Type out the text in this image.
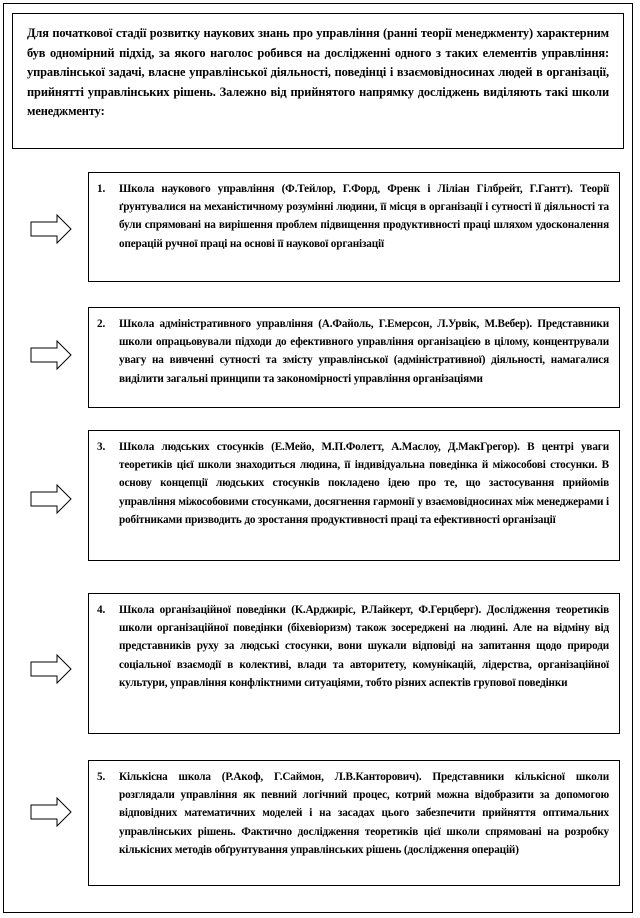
Для початкової стадії розвитку наукових знань про управління (ранні теорії менеджменту) характерним був одномірний підхід, за якого наголос робився на дослідженні одного з таких елементів управління: управлінської задачі, власне управлінської діяльності, поведінці і взаємовідносинах людей в організації, прийнятті управлінських рішень. Залежно від прийнятого напрямку досліджень виділяють такі школи менеджменту:
1.	Школа наукового управління (Ф.Тейлор, Г.Форд, Френк і Лілiан Гілбрейт, Г.Гантт). Теорії ґрунтувалися на механістичному розумінні людини, її місця в організації і сутності її діяльності та були спрямовані на вирішення проблем підвищення продуктивності праці шляхом удосконалення операцій ручної праці на основі її наукової організації
2.	Школа адміністративного управління (А.Файоль, Г.Емерсон, Л.Урвік, М.Вебер). Представники школи опрацьовували підходи до ефективного управління організацією в цілому, концентрували увагу на вивченні сутності та змісту управлінської (адміністративної) діяльності, намагалися виділити загальні принципи та закономірності управління організаціями
3.	Школа людських стосунків (Е.Мейо, М.П.Фолетт, А.Маслоу, Д.МакГрегор). В центрі уваги теоретиків цієї школи знаходиться людина, її індивідуальна поведінка й міжособові стосунки. В основу концепції людських стосунків покладено ідею про те, що застосування прийомів управління міжособовими стосунками, досягнення гармонії у взаємовідносинах між менеджерами і робітниками призводить до зростання продуктивності праці та ефективності організації
4.	Школа організаційної поведінки (К.Арджиріс, Р.Лайкерт, Ф.Герцберг). Дослідження теоретиків школи організаційної поведінки (біхевіоризм) також зосереджені на людині. Але на відміну від представників руху за людські стосунки, вони шукали відповіді на запитання щодо природи соціальної взаємодії в колективі, влади та авторитету, комунікацій, лідерства, організаційної культури, управління конфліктними ситуаціями, тобто різних аспектів групової поведінки
5.	Кількісна школа (Р.Акоф, Г.Саймон, Л.В.Канторович). Представники кількісної школи розглядали управління як певний логічний процес, котрий можна відобразити за допомогою відповідних математичних моделей і на засадах цього забезпечити прийняття оптимальних управлінських рішень. Фактично дослідження теоретиків цієї школи спрямовані на розробку кількісних методів обґрунтування управлінських рішень (дослідження операцій)
